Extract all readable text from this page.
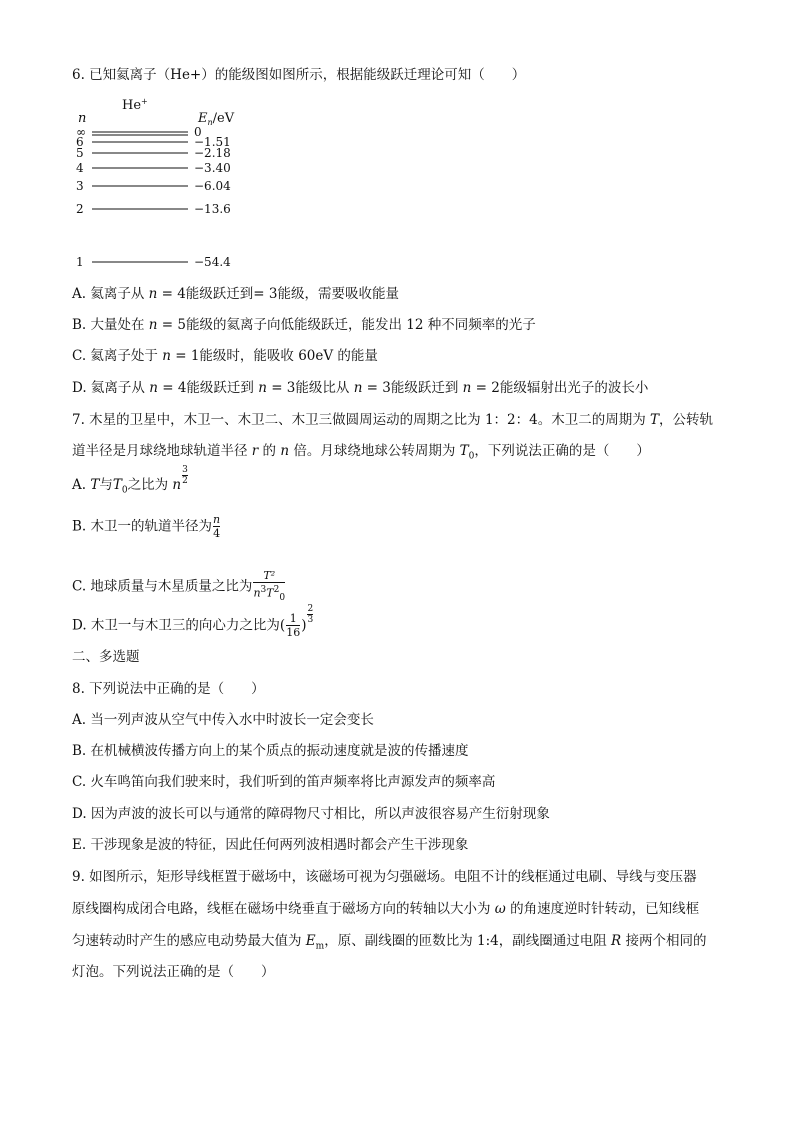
6. 已知氦离子（He+）的能级图如图所示，根据能级跃迁理论可知（　　）
He+
n	$E_n/eV$
∞	0
6	−1.51
5	−2.18
4	−3.40
3	−6.04
2	−13.6
1	−54.4
A. 氦离子从 n = 4能级跃迁到= 3能级，需要吸收能量
B. 大量处在 n = 5能级的氦离子向低能级跃迁，能发出 12 种不同频率的光子
C. 氦离子处于 n = 1能级时，能吸收 60eV 的能量
D. 氦离子从 n = 4能级跃迁到 n = 3能级比从 n = 3能级跃迁到 n = 2能级辐射出光子的波长小
7. 木星的卫星中，木卫一、木卫二、木卫三做圆周运动的周期之比为 1：2：4。木卫二的周期为 T，公转轨
道半径是月球绕地球轨道半径 r 的 n 倍。月球绕地球公转周期为 $T_0$，下列说法正确的是（　　）
A. T与$T_0$之比为 n $\frac{3}{2}$
B. 木卫一的轨道半径为 $\frac{n}{4}$
C. 地球质量与木星质量之比为 $\frac{\text{T²}}{n^3T^2_0}$
D. 木卫一与木卫三的向心力之比为( $\frac{1}{16}$ )
$\frac{2}{3}$
二、多选题
8. 下列说法中正确的是（　　）
A. 当一列声波从空气中传入水中时波长一定会变长
B. 在机械横波传播方向上的某个质点的振动速度就是波的传播速度
C. 火车鸣笛向我们驶来时，我们听到的笛声频率将比声源发声的频率高
D. 因为声波的波长可以与通常的障碍物尺寸相比，所以声波很容易产生衍射现象
E. 干涉现象是波的特征，因此任何两列波相遇时都会产生干涉现象
9. 如图所示，矩形导线框置于磁场中，该磁场可视为匀强磁场。电阻不计的线框通过电刷、导线与变压器
原线圈构成闭合电路，线框在磁场中绕垂直于磁场方向的转轴以大小为 ω 的角速度逆时针转动，已知线框
匀速转动时产生的感应电动势最大值为 $E_m$，原、副线圈的匝数比为 1:4，副线圈通过电阻 R 接两个相同的
灯泡。下列说法正确的是（　　）
